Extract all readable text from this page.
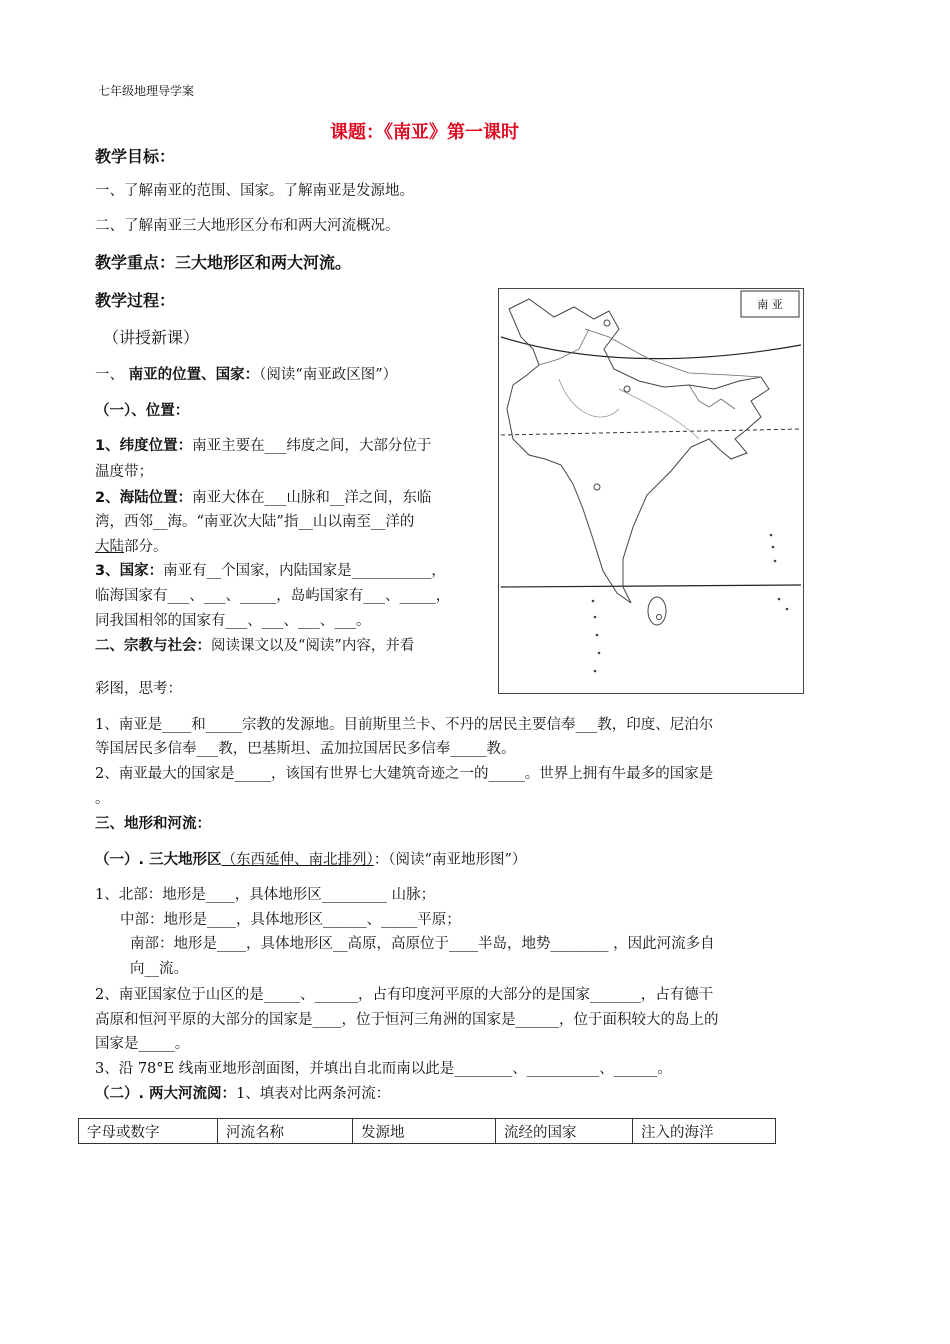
七年级地理导学案
课题：《南亚》第一课时
教学目标：
一、了解南亚的范围、国家。了解南亚是发源地。
二、了解南亚三大地形区分布和两大河流概况。
教学重点：三大地形区和两大河流。
教学过程：
（讲授新课）
一、 南亚的位置、国家：（阅读“南亚政区图”）
（一）、位置：
1、纬度位置：南亚主要在___纬度之间，大部分位于
温度带；
2、海陆位置：南亚大体在___山脉和__洋之间，东临
湾，西邻__海。“南亚次大陆”指__山以南至__洋的
大陆部分。
3、国家：南亚有__个国家，内陆国家是___________，
临海国家有___、___、_____，岛屿国家有___、_____，
同我国相邻的国家有___、___、___、___。
二、宗教与社会：阅读课文以及“阅读”内容，并看
彩图，思考：
1、南亚是____和_____宗教的发源地。目前斯里兰卡、不丹的居民主要信奉___教，印度、尼泊尔
等国居民多信奉___教，巴基斯坦、孟加拉国居民多信奉_____教。
2、南亚最大的国家是_____，该国有世界七大建筑奇迹之一的_____。世界上拥有牛最多的国家是
。
三、地形和河流：
（一）. 三大地形区（东西延伸、南北排列）：（阅读“南亚地形图”）
1、北部：地形是____，具体地形区_________ 山脉；
中部：地形是____，具体地形区______、_____平原；
南部：地形是____，具体地形区__高原，高原位于____半岛，地势________ ，因此河流多自
向__流。
2、南亚国家位于山区的是_____、______，占有印度河平原的大部分的是国家_______，占有德干
高原和恒河平原的大部分的国家是____，位于恒河三角洲的国家是______，位于面积较大的岛上的
国家是_____。
3、沿 78°E 线南亚地形剖面图，并填出自北而南以此是________、__________、______。
（二）. 两大河流阅：1、填表对比两条河流：
南 亚
字母或数字	河流名称	发源地	流经的国家	注入的海洋
